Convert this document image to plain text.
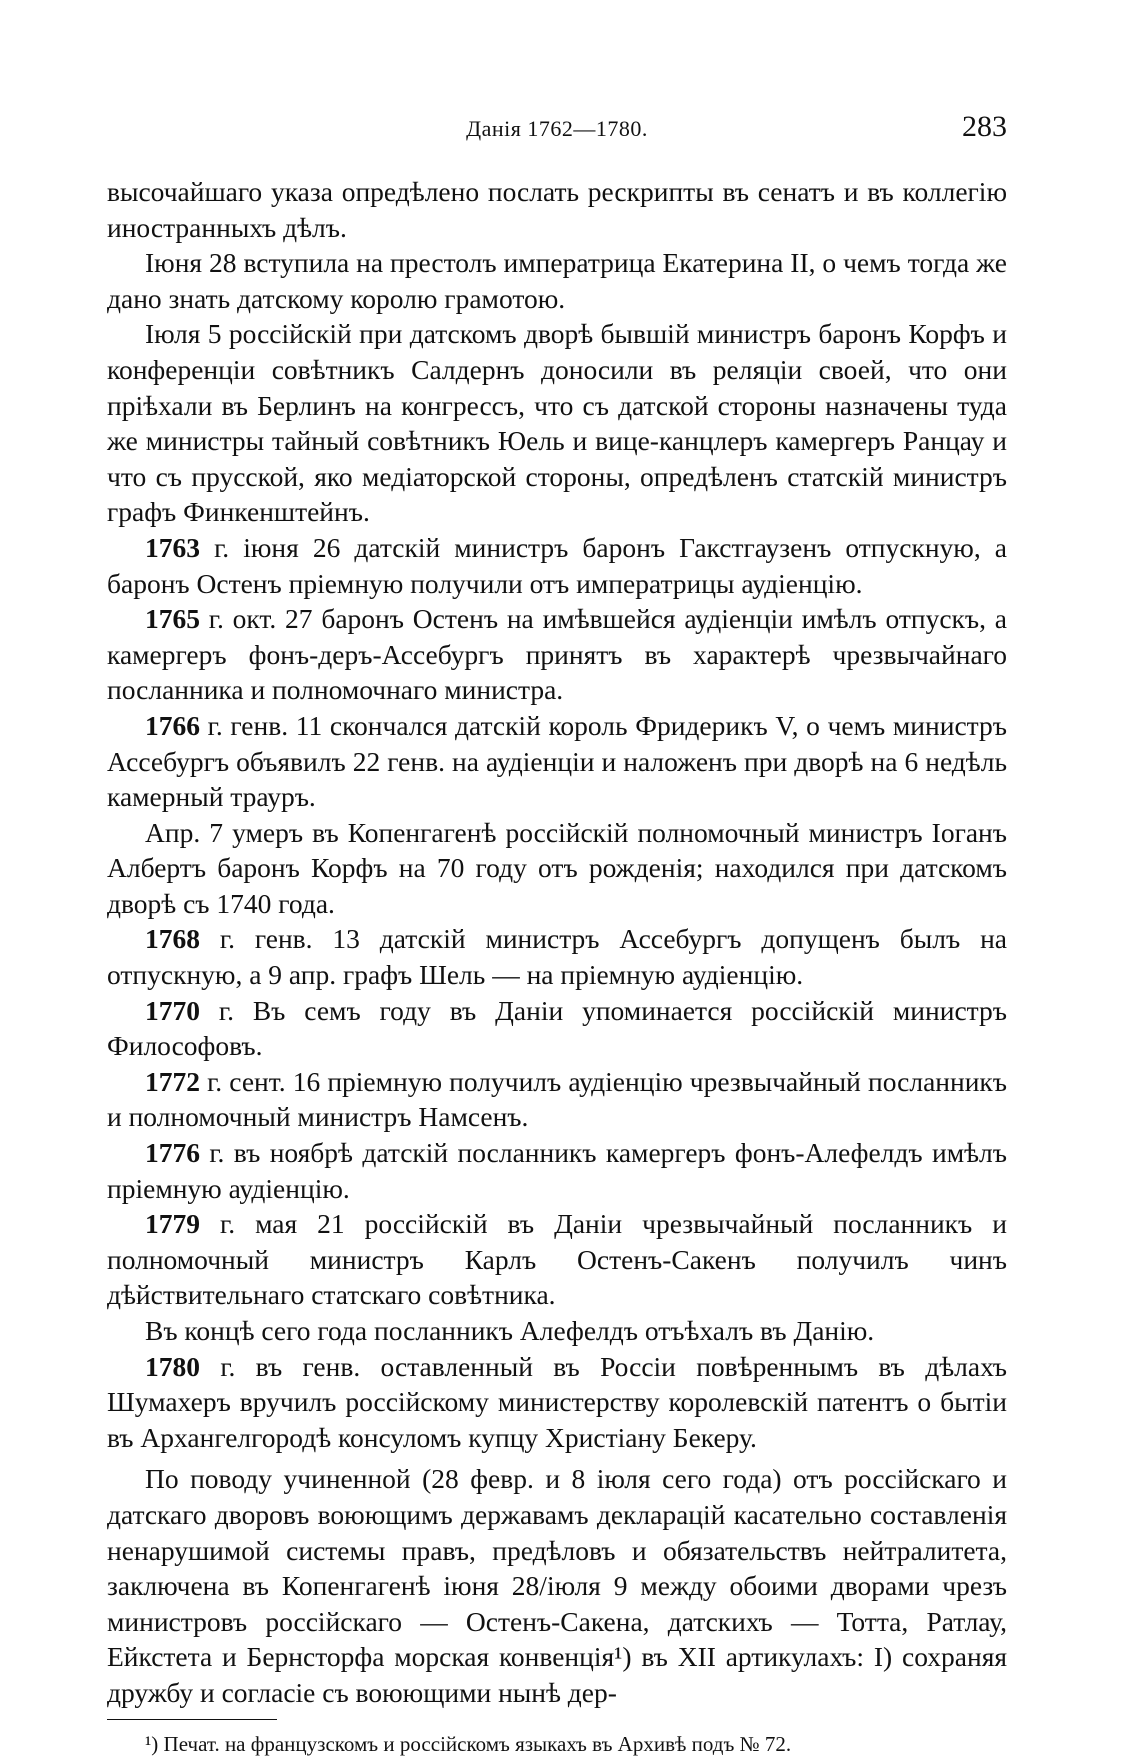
Данія 1762—1780.	283

высочайшаго указа опредѣлено послать рескрипты въ сенатъ и въ коллегію иностранныхъ дѣлъ.

Іюня 28 вступила на престолъ императрица Екатерина II, о чемъ тогда же дано знать датскому королю грамотою.

Іюля 5 россійскій при датскомъ дворѣ бывшій министръ баронъ Корфъ и конференціи совѣтникъ Салдернъ доносили въ реляціи своей, что они пріѣхали въ Берлинъ на конгрессъ, что съ датской стороны назначены туда же министры тайный совѣтникъ Юель и вице-канцлеръ камергеръ Ранцау и что съ прусской, яко медіаторской стороны, опредѣленъ статскій министръ графъ Финкенштейнъ.

1763 г. іюня 26 датскій министръ баронъ Гакстгаузенъ отпускную, а баронъ Остенъ пріемную получили отъ императрицы аудіенцію.

1765 г. окт. 27 баронъ Остенъ на имѣвшейся аудіенціи имѣлъ отпускъ, а камергеръ фонъ-деръ-Ассебургъ принятъ въ характерѣ чрезвычайнаго посланника и полномочнаго министра.

1766 г. генв. 11 скончался датскій король Фридерикъ V, о чемъ министръ Ассебургъ объявилъ 22 генв. на аудіенціи и наложенъ при дворѣ на 6 недѣль камерный трауръ.

Апр. 7 умеръ въ Копенгагенѣ россійскій полномочный министръ Іоганъ Албертъ баронъ Корфъ на 70 году отъ рожденія; находился при датскомъ дворѣ съ 1740 года.

1768 г. генв. 13 датскій министръ Ассебургъ допущенъ былъ на отпускную, а 9 апр. графъ Шель — на пріемную аудіенцію.

1770 г. Въ семъ году въ Даніи упоминается россійскій министръ Философовъ.

1772 г. сент. 16 пріемную получилъ аудіенцію чрезвычайный посланникъ и полномочный министръ Намсенъ.

1776 г. въ ноябрѣ датскій посланникъ камергеръ фонъ-Алефелдъ имѣлъ пріемную аудіенцію.

1779 г. мая 21 россійскій въ Даніи чрезвычайный посланникъ и полномочный министръ Карлъ Остенъ-Сакенъ получилъ чинъ дѣйствительнаго статскаго совѣтника.

Въ концѣ сего года посланникъ Алефелдъ отъѣхалъ въ Данію.

1780 г. въ генв. оставленный въ Россіи повѣреннымъ въ дѣлахъ Шумахеръ вручилъ россійскому министерству королевскій патентъ о бытіи въ Архангелгородѣ консуломъ купцу Христіану Бекеру.

По поводу учиненной (28 февр. и 8 іюля сего года) отъ россійскаго и датскаго дворовъ воюющимъ державамъ декларацій касательно составленія ненарушимой системы правъ, предѣловъ и обязательствъ нейтралитета, заключена въ Копенгагенѣ іюня 28/іюля 9 между обоими дворами чрезъ министровъ россійскаго — Остенъ-Сакена, датскихъ — Тотта, Ратлау, Ейкстета и Бернсторфа морская конвенція¹) въ XII артикулахъ: I) сохраняя дружбу и согласіе съ воюющими нынѣ дер-

¹) Печат. на французскомъ и россійскомъ языкахъ въ Архивѣ подъ № 72.
